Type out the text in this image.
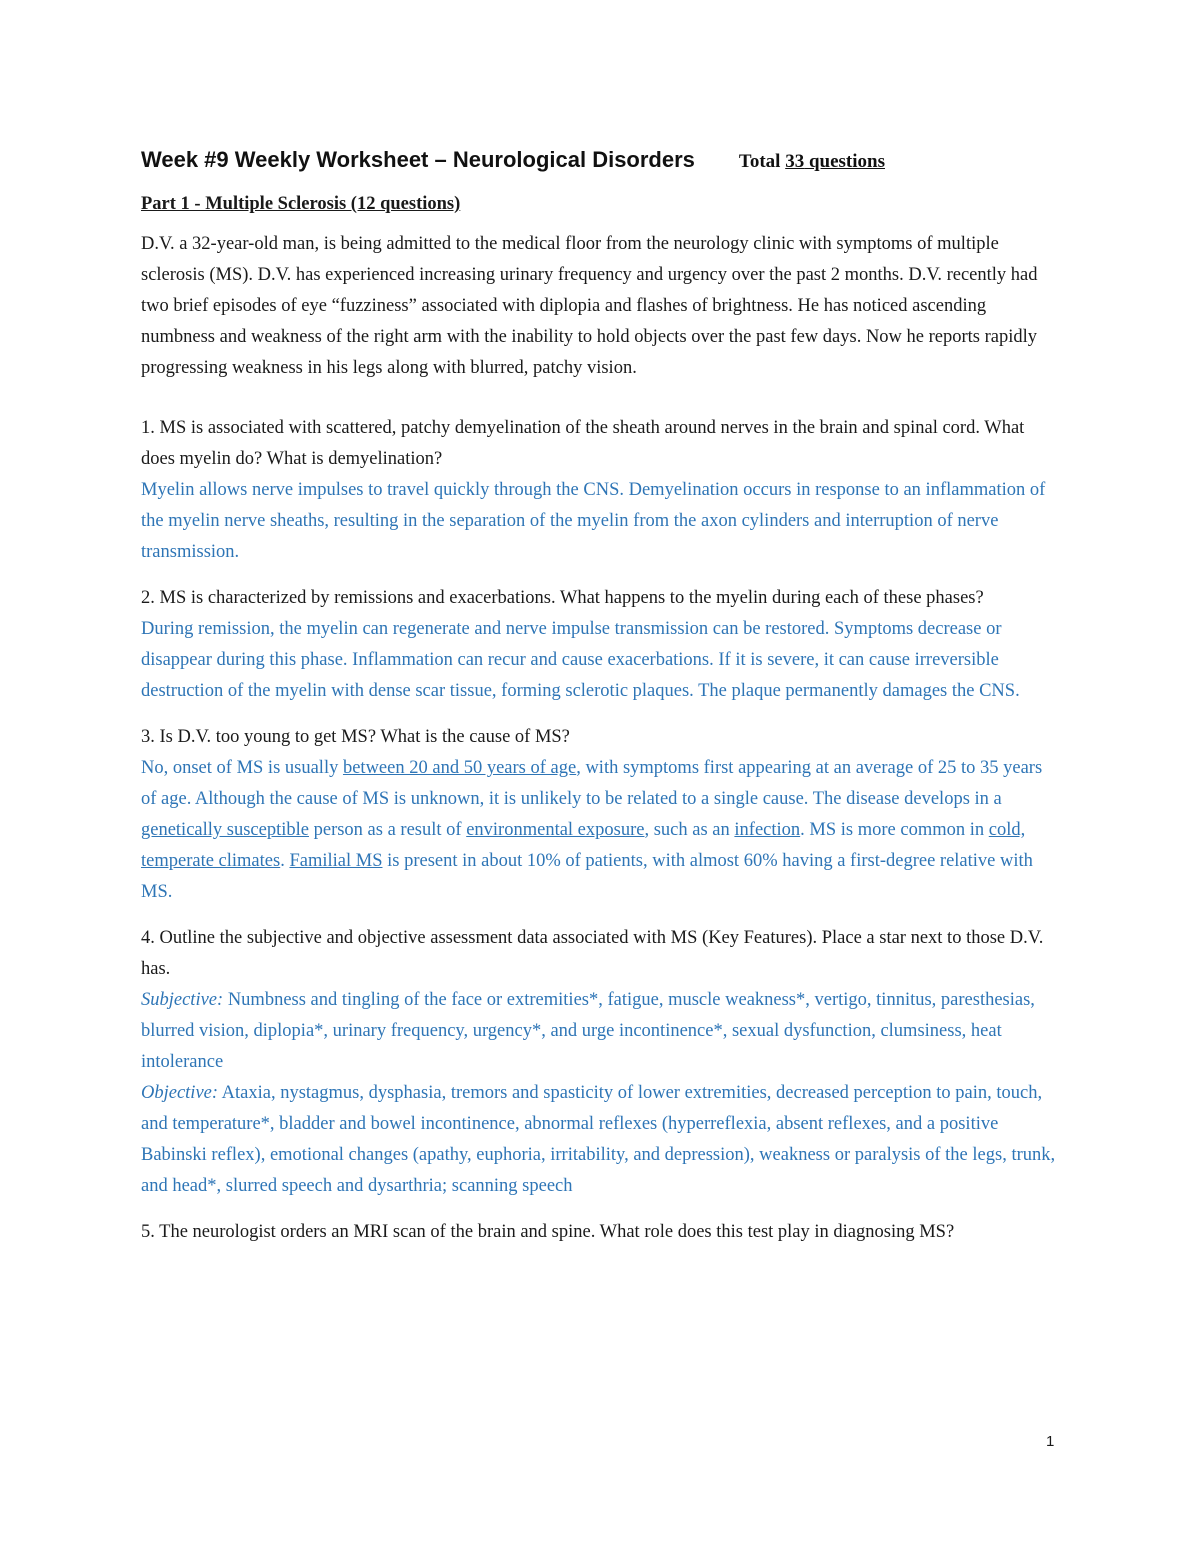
Week #9 Weekly Worksheet – Neurological Disorders Total 33 questions
Part 1 - Multiple Sclerosis (12 questions)

D.V. a 32-year-old man, is being admitted to the medical floor from the neurology clinic with symptoms of multiple sclerosis (MS). D.V. has experienced increasing urinary frequency and urgency over the past 2 months. D.V. recently had two brief episodes of eye “fuzziness” associated with diplopia and flashes of brightness. He has noticed ascending numbness and weakness of the right arm with the inability to hold objects over the past few days. Now he reports rapidly progressing weakness in his legs along with blurred, patchy vision.

1. MS is associated with scattered, patchy demyelination of the sheath around nerves in the brain and spinal cord. What does myelin do? What is demyelination?

Myelin allows nerve impulses to travel quickly through the CNS. Demyelination occurs in response to an inflammation of the myelin nerve sheaths, resulting in the separation of the myelin from the axon cylinders and interruption of nerve transmission.

2. MS is characterized by remissions and exacerbations. What happens to the myelin during each of these phases?

During remission, the myelin can regenerate and nerve impulse transmission can be restored. Symptoms decrease or disappear during this phase. Inflammation can recur and cause exacerbations. If it is severe, it can cause irreversible destruction of the myelin with dense scar tissue, forming sclerotic plaques. The plaque permanently damages the CNS.

3. Is D.V. too young to get MS? What is the cause of MS?

No, onset of MS is usually between 20 and 50 years of age, with symptoms first appearing at an average of 25 to 35 years of age. Although the cause of MS is unknown, it is unlikely to be related to a single cause. The disease develops in a genetically susceptible person as a result of environmental exposure, such as an infection. MS is more common in cold, temperate climates. Familial MS is present in about 10% of patients, with almost 60% having a first-degree relative with MS.

4. Outline the subjective and objective assessment data associated with MS (Key Features). Place a star next to those D.V. has.

Subjective: Numbness and tingling of the face or extremities*, fatigue, muscle weakness*, vertigo, tinnitus, paresthesias, blurred vision, diplopia*, urinary frequency, urgency*, and urge incontinence*, sexual dysfunction, clumsiness, heat intolerance

Objective: Ataxia, nystagmus, dysphasia, tremors and spasticity of lower extremities, decreased perception to pain, touch, and temperature*, bladder and bowel incontinence, abnormal reflexes (hyperreflexia, absent reflexes, and a positive Babinski reflex), emotional changes (apathy, euphoria, irritability, and depression), weakness or paralysis of the legs, trunk, and head*, slurred speech and dysarthria; scanning speech

5. The neurologist orders an MRI scan of the brain and spine. What role does this test play in diagnosing MS?

1
